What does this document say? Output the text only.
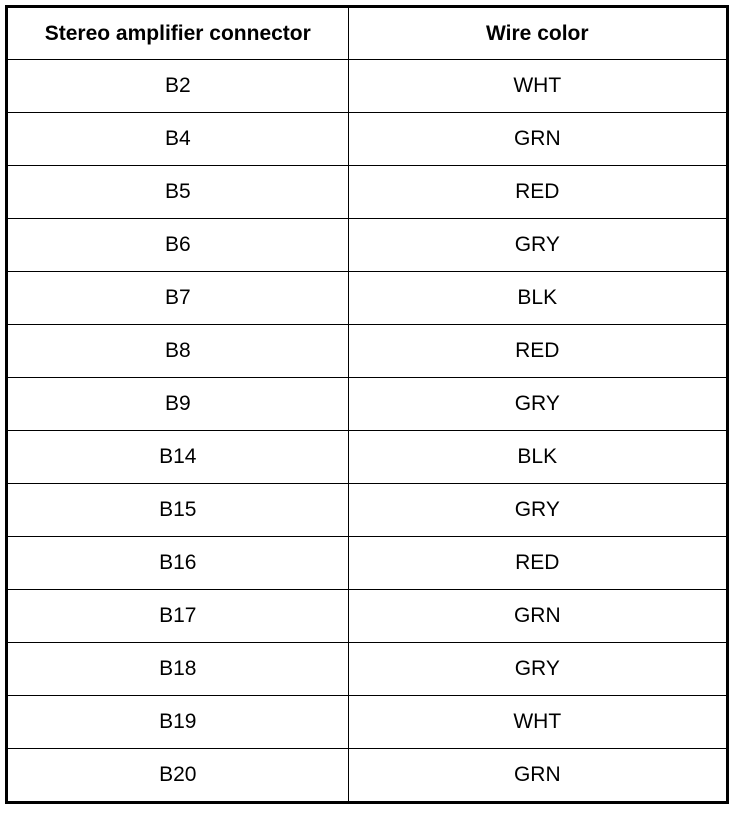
Stereo amplifier connector	Wire color
B2	WHT
B4	GRN
B5	RED
B6	GRY
B7	BLK
B8	RED
B9	GRY
B14	BLK
B15	GRY
B16	RED
B17	GRN
B18	GRY
B19	WHT
B20	GRN
